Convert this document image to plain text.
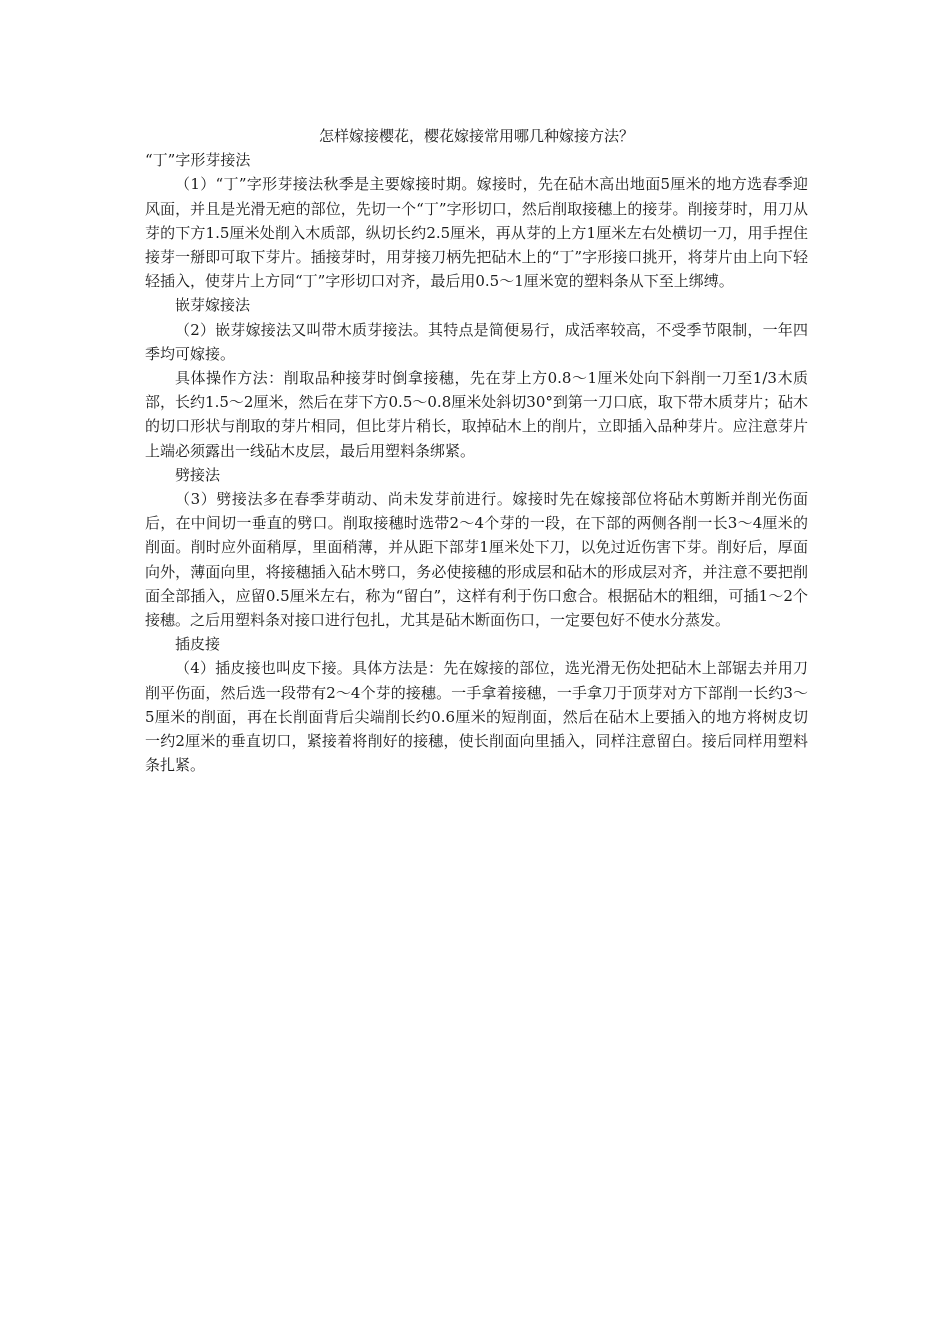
怎样嫁接樱花，樱花嫁接常用哪几种嫁接方法？
“丁”字形芽接法

（1）“丁”字形芽接法秋季是主要嫁接时期。嫁接时，先在砧木高出地面5厘米的地方选春季迎风面，并且是光滑无疤的部位，先切一个“丁”字形切口，然后削取接穗上的接芽。削接芽时，用刀从芽的下方1.5厘米处削入木质部，纵切长约2.5厘米，再从芽的上方1厘米左右处横切一刀，用手捏住接芽一掰即可取下芽片。插接芽时，用芽接刀柄先把砧木上的“丁”字形接口挑开，将芽片由上向下轻轻插入，使芽片上方同“丁”字形切口对齐，最后用0.5～1厘米宽的塑料条从下至上绑缚。

嵌芽嫁接法

（2）嵌芽嫁接法又叫带木质芽接法。其特点是简便易行，成活率较高，不受季节限制，一年四季均可嫁接。

具体操作方法：削取品种接芽时倒拿接穗，先在芽上方0.8～1厘米处向下斜削一刀至1/3木质部，长约1.5～2厘米，然后在芽下方0.5～0.8厘米处斜切30°到第一刀口底，取下带木质芽片；砧木的切口形状与削取的芽片相同，但比芽片稍长，取掉砧木上的削片，立即插入品种芽片。应注意芽片上端必须露出一线砧木皮层，最后用塑料条绑紧。

劈接法

（3）劈接法多在春季芽萌动、尚未发芽前进行。嫁接时先在嫁接部位将砧木剪断并削光伤面后，在中间切一垂直的劈口。削取接穗时选带2～4个芽的一段，在下部的两侧各削一长3～4厘米的削面。削时应外面稍厚，里面稍薄，并从距下部芽1厘米处下刀，以免过近伤害下芽。削好后，厚面向外，薄面向里，将接穗插入砧木劈口，务必使接穗的形成层和砧木的形成层对齐，并注意不要把削面全部插入，应留0.5厘米左右，称为“留白”，这样有利于伤口愈合。根据砧木的粗细，可插1～2个接穗。之后用塑料条对接口进行包扎，尤其是砧木断面伤口，一定要包好不使水分蒸发。

插皮接

（4）插皮接也叫皮下接。具体方法是：先在嫁接的部位，选光滑无伤处把砧木上部锯去并用刀削平伤面，然后选一段带有2～4个芽的接穗。一手拿着接穗，一手拿刀于顶芽对方下部削一长约3～5厘米的削面，再在长削面背后尖端削长约0.6厘米的短削面，然后在砧木上要插入的地方将树皮切一约2厘米的垂直切口，紧接着将削好的接穗，使长削面向里插入，同样注意留白。接后同样用塑料条扎紧。
